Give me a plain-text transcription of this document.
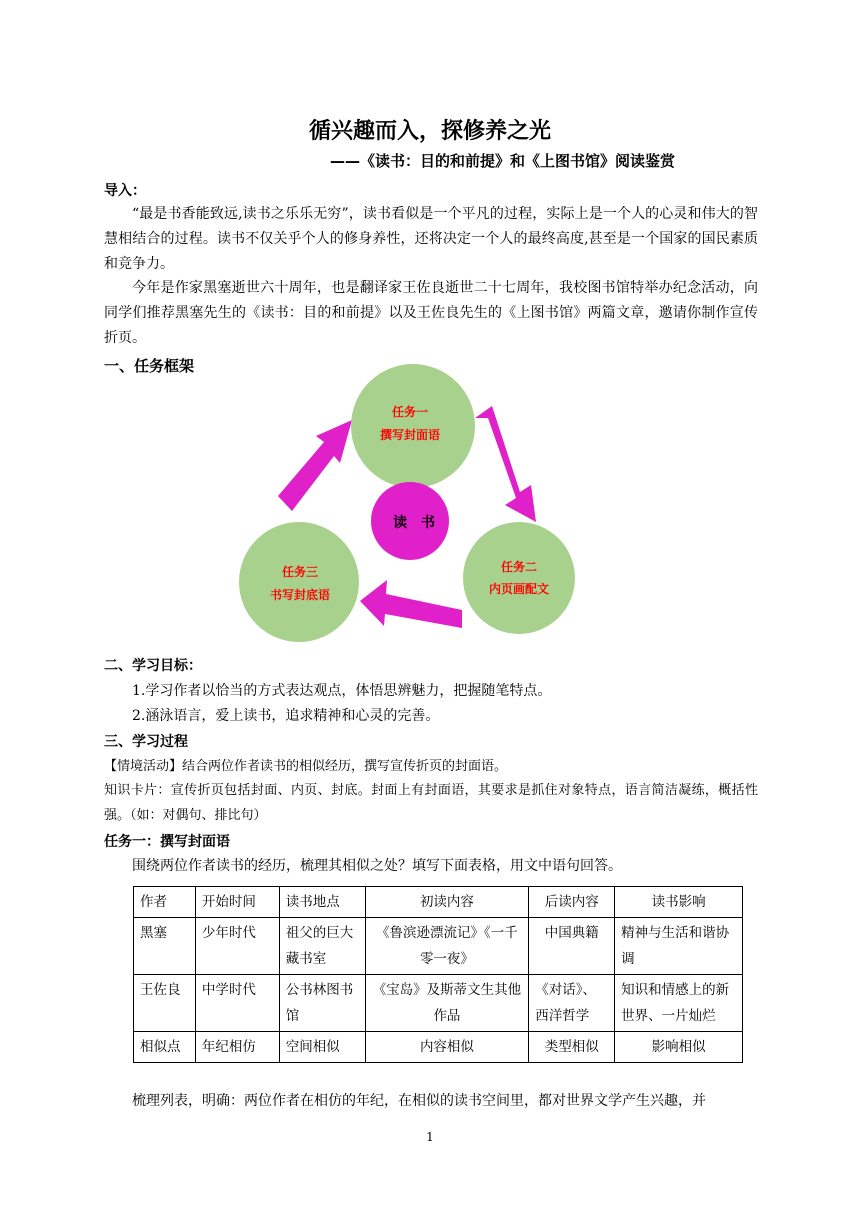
循兴趣而入，探修养之光
——《读书：目的和前提》和《上图书馆》阅读鉴赏
导入：
“最是书香能致远,读书之乐乐无穷”，读书看似是一个平凡的过程，实际上是一个人的心灵和伟大的智慧相结合的过程。读书不仅关乎个人的修身养性，还将决定一个人的最终高度,甚至是一个国家的国民素质和竞争力。
今年是作家黑塞逝世六十周年，也是翻译家王佐良逝世二十七周年，我校图书馆特举办纪念活动，向同学们推荐黑塞先生的《读书：目的和前提》以及王佐良先生的《上图书馆》两篇文章，邀请你制作宣传折页。
一、任务框架
任务一
撰写封面语
读　书
任务二
内页画配文
任务三
书写封底语
二、学习目标：
1.学习作者以恰当的方式表达观点，体悟思辨魅力，把握随笔特点。
2.涵泳语言，爱上读书，追求精神和心灵的完善。
三、学习过程
【情境活动】结合两位作者读书的相似经历，撰写宣传折页的封面语。
知识卡片：宣传折页包括封面、内页、封底。封面上有封面语，其要求是抓住对象特点，语言简洁凝练，概括性强。（如：对偶句、排比句）
任务一：撰写封面语
围绕两位作者读书的经历，梳理其相似之处？填写下面表格，用文中语句回答。
作者	开始时间	读书地点	初读内容	后读内容	读书影响
黑塞	少年时代	祖父的巨大藏书室	《鲁滨逊漂流记》《一千零一夜》	中国典籍	精神与生活和谐协调
王佐良	中学时代	公书林图书馆	《宝岛》及斯蒂文生其他作品	《对话》、西洋哲学	知识和情感上的新世界、一片灿烂
相似点	年纪相仿	空间相似	内容相似	类型相似	影响相似
梳理列表，明确：两位作者在相仿的年纪，在相似的读书空间里，都对世界文学产生兴趣，并
1
